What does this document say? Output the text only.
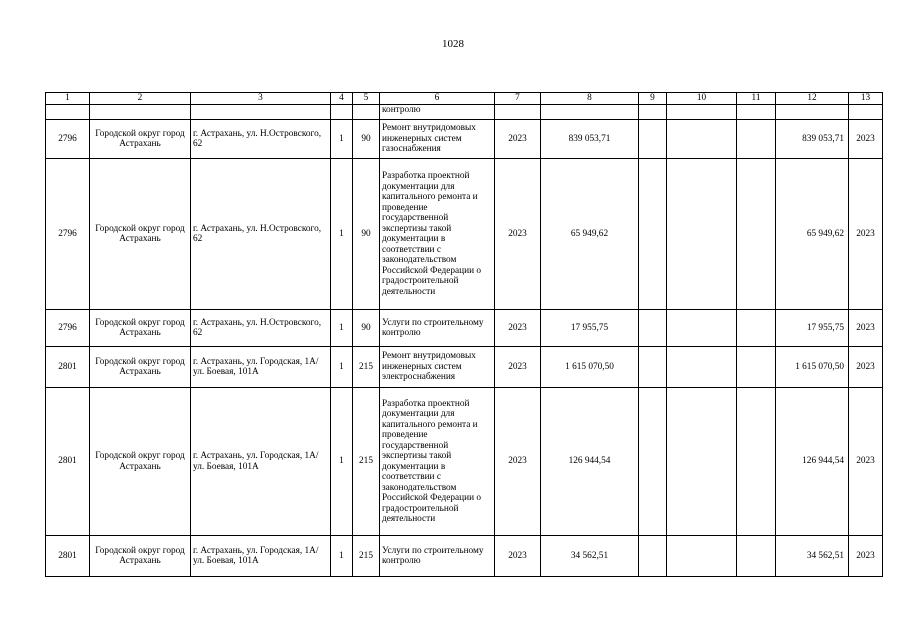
1028
1	2	3	4	5	6	7	8	9	10	11	12	13
					контролю							
2796	Городской округ город Астрахань	г. Астрахань, ул. Н.Островского, 62	1	90	Ремонт внутридомовых инженерных систем газоснабжения	2023	839 053,71				839 053,71	2023
2796	Городской округ город Астрахань	г. Астрахань, ул. Н.Островского, 62	1	90	Разработка проектной документации для капитального ремонта и проведение государственной экспертизы такой документации в соответствии с законодательством Российской Федерации о градостроительной деятельности	2023	65 949,62				65 949,62	2023
2796	Городской округ город Астрахань	г. Астрахань, ул. Н.Островского, 62	1	90	Услуги по строительному контролю	2023	17 955,75				17 955,75	2023
2801	Городской округ город Астрахань	г. Астрахань, ул. Городская, 1А/ ул. Боевая, 101А	1	215	Ремонт внутридомовых инженерных систем электроснабжения	2023	1 615 070,50				1 615 070,50	2023
2801	Городской округ город Астрахань	г. Астрахань, ул. Городская, 1А/ ул. Боевая, 101А	1	215	Разработка проектной документации для капитального ремонта и проведение государственной экспертизы такой документации в соответствии с законодательством Российской Федерации о градостроительной деятельности	2023	126 944,54				126 944,54	2023
2801	Городской округ город Астрахань	г. Астрахань, ул. Городская, 1А/ ул. Боевая, 101А	1	215	Услуги по строительному контролю	2023	34 562,51				34 562,51	2023
